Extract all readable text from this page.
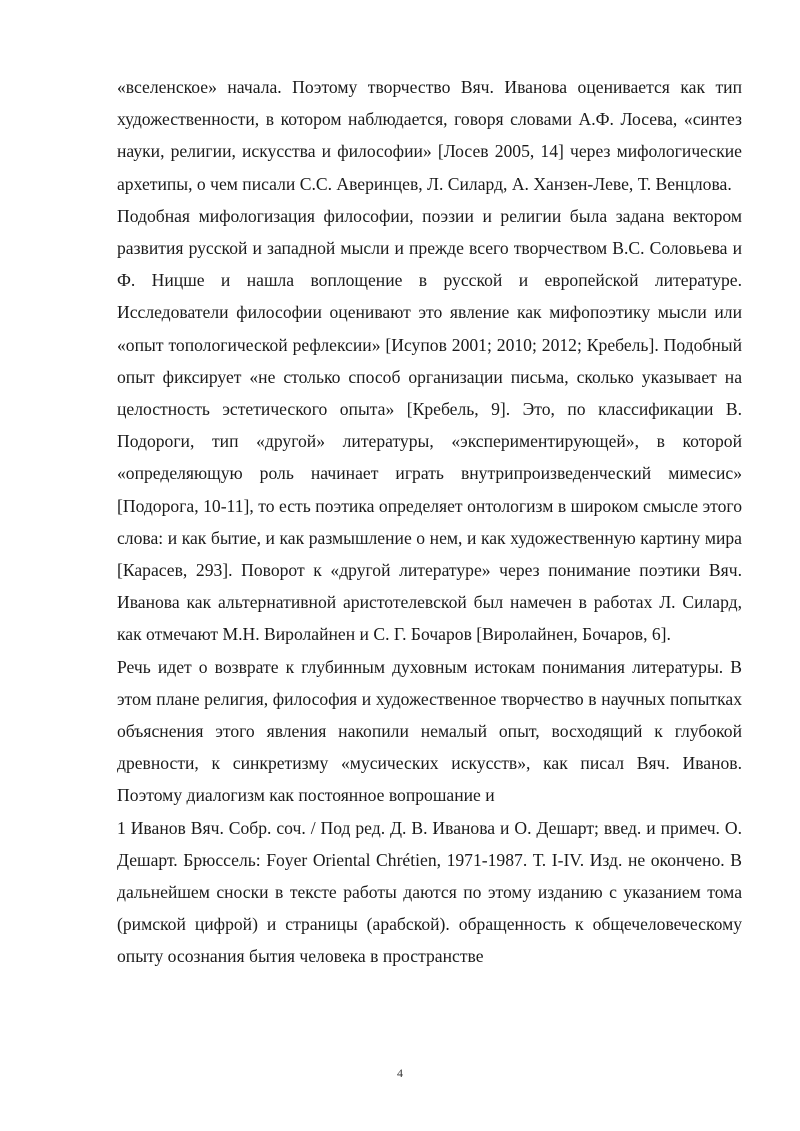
«вселенское» начала. Поэтому творчество Вяч. Иванова оценивается как тип художественности, в котором наблюдается, говоря словами А.Ф. Лосева, «синтез науки, религии, искусства и философии» [Лосев 2005, 14] через мифологические архетипы, о чем писали С.С. Аверинцев, Л. Силард, А. Ханзен-Леве, Т. Венцлова.

Подобная мифологизация философии, поэзии и религии была задана вектором развития русской и западной мысли и прежде всего творчеством В.С. Соловьева и Ф. Ницше и нашла воплощение в русской и европейской литературе. Исследователи философии оценивают это явление как мифопоэтику мысли или «опыт топологической рефлексии» [Исупов 2001; 2010; 2012; Кребель]. Подобный опыт фиксирует «не столько способ организации письма, сколько указывает на целостность эстетического опыта» [Кребель, 9]. Это, по классификации В. Подороги, тип «другой» литературы, «экспериментирующей», в которой «определяющую роль начинает играть внутрипроизведенческий мимесис» [Подорога, 10-11], то есть поэтика определяет онтологизм в широком смысле этого слова: и как бытие, и как размышление о нем, и как художественную картину мира [Карасев, 293]. Поворот к «другой литературе» через понимание поэтики Вяч. Иванова как альтернативной аристотелевской был намечен в работах Л. Силард, как отмечают М.Н. Виролайнен и С. Г. Бочаров [Виролайнен, Бочаров, 6].

Речь идет о возврате к глубинным духовным истокам понимания литературы. В этом плане религия, философия и художественное творчество в научных попытках объяснения этого явления накопили немалый опыт, восходящий к глубокой древности, к синкретизму «мусических искусств», как писал Вяч. Иванов. Поэтому диалогизм как постоянное вопрошание и

1 Иванов Вяч. Собр. соч. / Под ред. Д. В. Иванова и О. Дешарт; введ. и примеч. О. Дешарт. Брюссель: Foyer Oriental Chrétien, 1971-1987. Т. I-IV. Изд. не окончено. В дальнейшем сноски в тексте работы даются по этому изданию с указанием тома (римской цифрой) и страницы (арабской). обращенность к общечеловеческому опыту осознания бытия человека в пространстве

4
